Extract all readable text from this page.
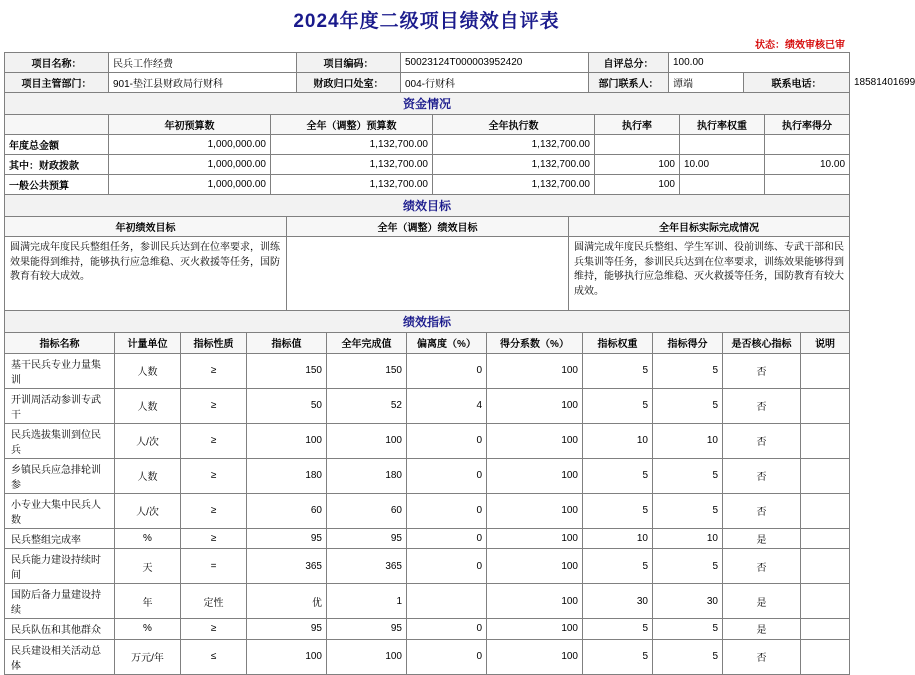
2024年度二级项目绩效自评表
状态：绩效审核已审
项目名称：	民兵工作经费	项目编码：	50023124T000003952420	自评总分：	100.00		
项目主管部门：	901-垫江县财政局行财科	财政归口处室：	004-行财科	部门联系人：	谭端	联系电话：	18581401699
资金情况						
	年初预算数	全年（调整）预算数	全年执行数	执行率	执行率权重	执行率得分
年度总金额	1,000,000.00	1,132,700.00	1,132,700.00			
其中：财政拨款	1,000,000.00	1,132,700.00	1,132,700.00	100	10.00	10.00
一般公共预算	1,000,000.00	1,132,700.00	1,132,700.00	100		
绩效目标		
年初绩效目标	全年（调整）绩效目标	全年目标实际完成情况
圆满完成年度民兵整组任务，参训民兵达到在位率要求，训练效果能得到维持，能够执行应急维稳、灭火救援等任务，国防教育有较大成效。		圆满完成年度民兵整组、学生军训、役前训练、专武干部和民兵集训等任务，参训民兵达到在位率要求，训练效果能够得到维持，能够执行应急维稳、灭火救援等任务，国防教育有较大成效。
绩效指标										
指标名称	计量单位	指标性质	指标值	全年完成值	偏离度（%）	得分系数（%）	指标权重	指标得分	是否核心指标	说明
基干民兵专业力量集训	人数	≥	150	150	0	100	5	5	否	
开训周活动参训专武干	人数	≥	50	52	4	100	5	5	否	
民兵选拔集训到位民兵	人/次	≥	100	100	0	100	10	10	否	
乡镇民兵应急排轮训参	人数	≥	180	180	0	100	5	5	否	
小专业大集中民兵人数	人/次	≥	60	60	0	100	5	5	否	
民兵整组完成率	%	≥	95	95	0	100	10	10	是	
民兵能力建设持续时间	天	=	365	365	0	100	5	5	否	
国防后备力量建设持续	年	定性	优	1		100	30	30	是	
民兵队伍和其他群众	%	≥	95	95	0	100	5	5	是	
民兵建设相关活动总体	万元/年	≤	100	100	0	100	5	5	否	
